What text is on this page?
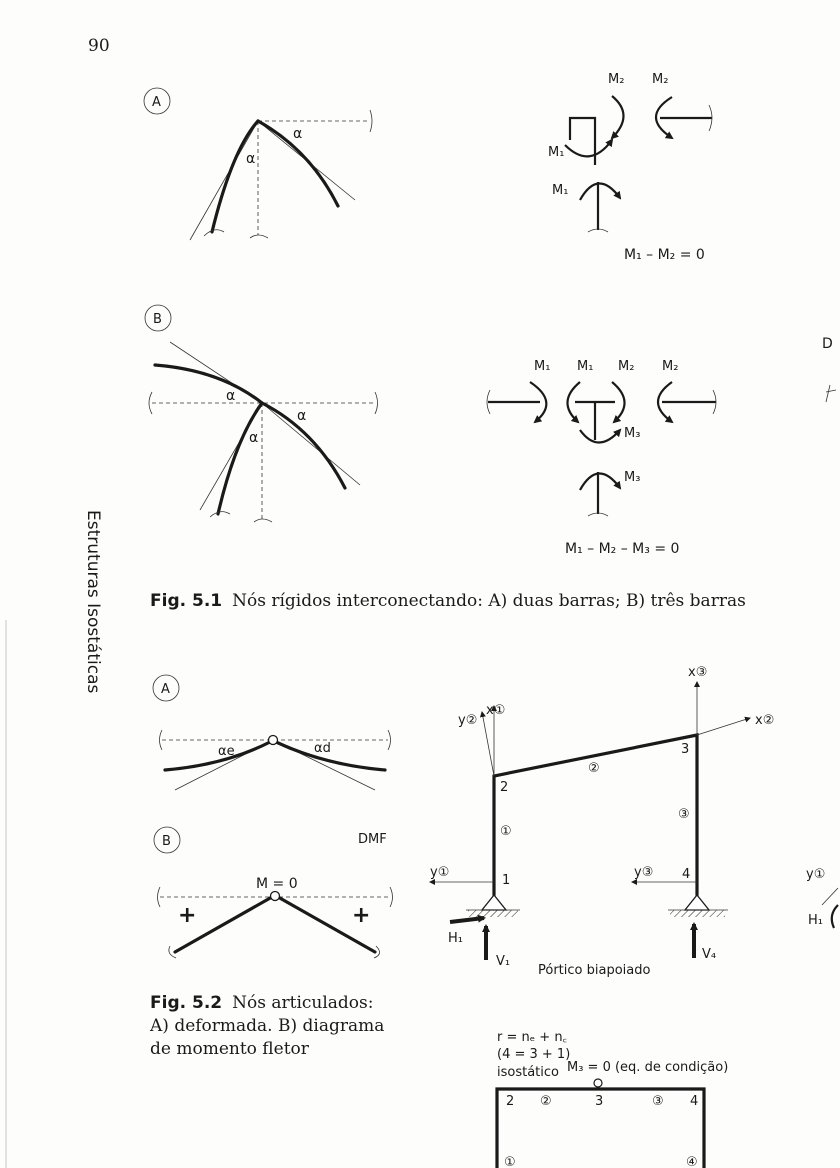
90
Estruturas Isostáticas
A
α
α
M₂ M₂
M₁
M₁
M₁ – M₂ = 0
B
α
α
α
M₁ M₁ M₂ M₂
M₃
M₃
M₁ – M₂ – M₃ = 0
Fig. 5.1 Nós rígidos interconectando: A) duas barras; B) três barras
A
αe	αd
B	DMF
M = 0
+	+
Fig. 5.2 Nós articulados:
A) deformada. B) diagrama
de momento fletor
x①
y②
x③
x②
y①	y③
2
3
1	4
①
②
③
H₁
V₁	V₄
Pórtico biapoiado
r = nₑ + n꜀
(4 = 3 + 1)
isostático M₃ = 0 (eq. de condição)
2 ②	3	③ 4
①	④
D
y①
H₁
